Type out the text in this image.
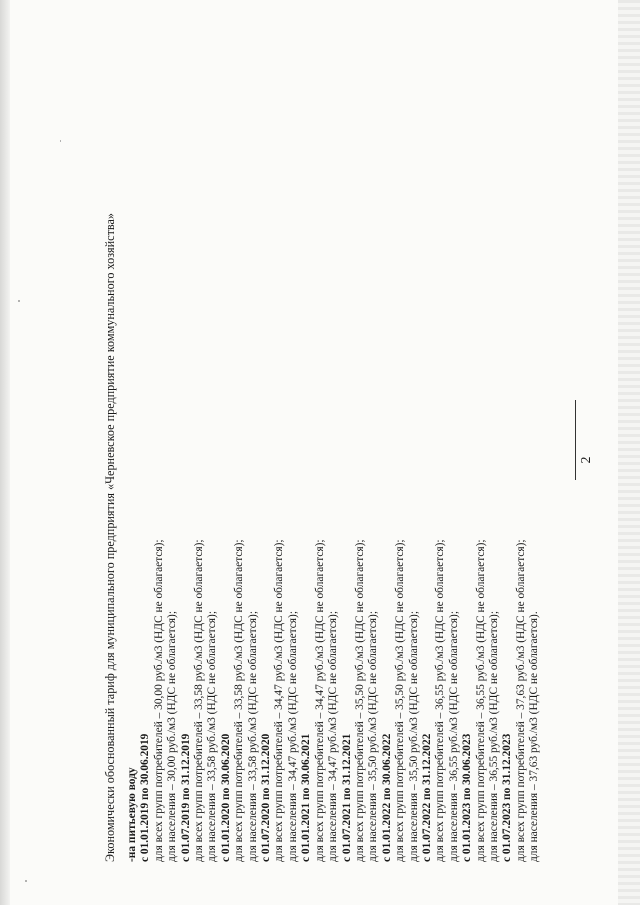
2
Экономически обоснованный тариф для муниципального предприятия «Черневское предприятие коммунального хозяйства» -на питьевую воду с 01.01.2019 по 30.06.2019 для всех групп потребителей – 30,00 руб./м3 (НДС не облагается); для населения – 30,00 руб./м3 (НДС не облагается); с 01.07.2019 по 31.12.2019 для всех групп потребителей – 33,58 руб./м3 (НДС не облагается); для населения – 33,58 руб./м3 (НДС не облагается); с 01.01.2020 по 30.06.2020 для всех групп потребителей – 33,58 руб./м3 (НДС не облагается); для населения – 33,58 руб./м3 (НДС не облагается); с 01.07.2020 по 31.12.2020 для всех групп потребителей – 34,47 руб./м3 (НДС не облагается); для населения – 34,47 руб./м3 (НДС не облагается); с 01.01.2021 по 30.06.2021 для всех групп потребителей – 34,47 руб./м3 (НДС не облагается); для населения – 34,47 руб./м3 (НДС не облагается); с 01.07.2021 по 31.12.2021 для всех групп потребителей – 35,50 руб./м3 (НДС не облагается); для населения – 35,50 руб./м3 (НДС не облагается); с 01.01.2022 по 30.06.2022 для всех групп потребителей – 35,50 руб./м3 (НДС не облагается); для населения – 35,50 руб./м3 (НДС не облагается); с 01.07.2022 по 31.12.2022 для всех групп потребителей – 36,55 руб./м3 (НДС не облагается); для населения – 36,55 руб./м3 (НДС не облагается); с 01.01.2023 по 30.06.2023 для всех групп потребителей – 36,55 руб./м3 (НДС не облагается); для населения – 36,55 руб./м3 (НДС не облагается); с 01.07.2023 по 31.12.2023 для всех групп потребителей – 37,63 руб./м3 (НДС не облагается); для населения – 37,63 руб./м3 (НДС не облагается).
